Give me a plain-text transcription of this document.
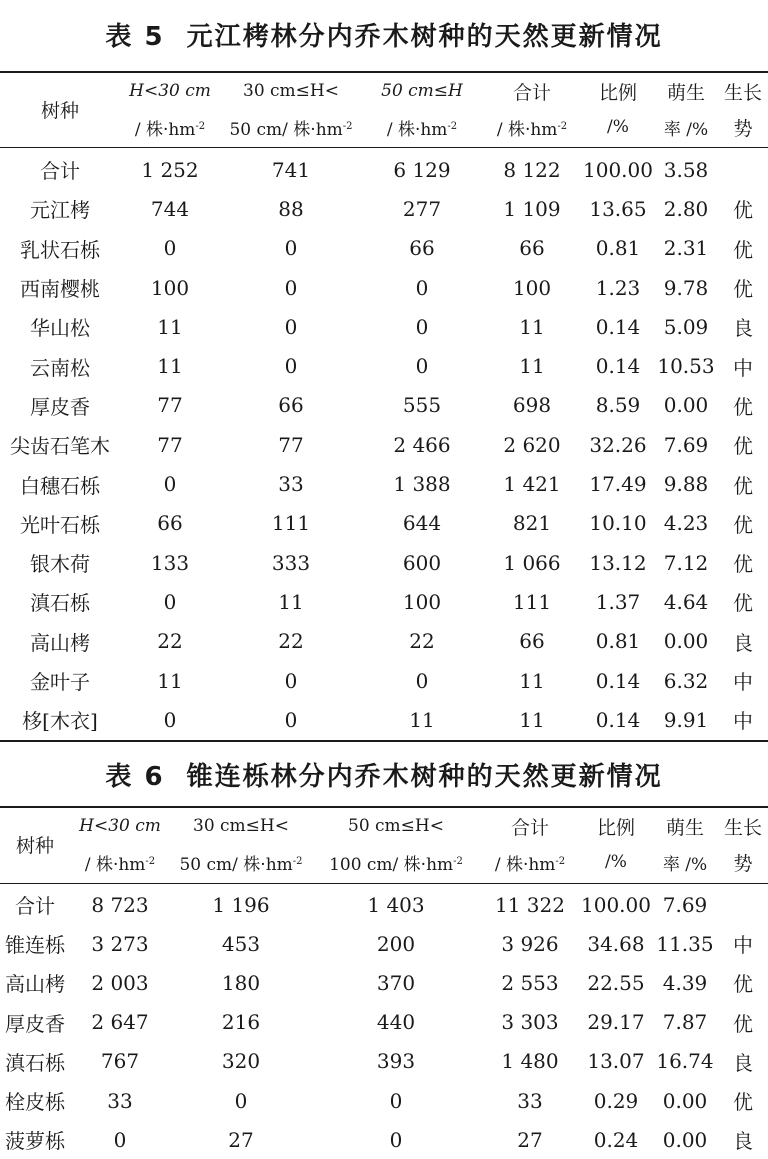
表 5 元江栲林分内乔木树种的天然更新情况
树种	H<30 cm	30 cm≤H<	50 cm≤H	合计	比例	萌生	生长
	/ 株$\cdot hm^{-2}$	50 cm/ 株$\cdot hm^{-2}$	/ 株$\cdot hm^{-2}$	/ 株$\cdot hm^{-2}$	/%	率 /%	势
合计	1 252	741	6 129	8 122	100.00	3.58	
元江栲	744	88	277	1 109	13.65	2.80	优
乳状石栎	0	0	66	66	0.81	2.31	优
西南樱桃	100	0	0	100	1.23	9.78	优
华山松	11	0	0	11	0.14	5.09	良
云南松	11	0	0	11	0.14	10.53	中
厚皮香	77	66	555	698	8.59	0.00	优
尖齿石笔木	77	77	2 466	2 620	32.26	7.69	优
白穗石栎	0	33	1 388	1 421	17.49	9.88	优
光叶石栎	66	111	644	821	10.10	4.23	优
银木荷	133	333	600	1 066	13.12	7.12	优
滇石栎	0	11	100	111	1.37	4.64	优
高山栲	22	22	22	66	0.81	0.00	良
金叶子	11	0	0	11	0.14	6.32	中
栘[木衣]	0	0	11	11	0.14	9.91	中
表 6 锥连栎林分内乔木树种的天然更新情况
树种	H<30 cm	30 cm≤H<	50 cm≤H<	合计	比例	萌生	生长
	/ 株$\cdot hm^{-2}$	50 cm/ 株$\cdot hm^{-2}$	100 cm/ 株$\cdot hm^{-2}$	/ 株$\cdot hm^{-2}$	/%	率 /%	势
合计	8 723	1 196	1 403	11 322	100.00	7.69	
锥连栎	3 273	453	200	3 926	34.68	11.35	中
高山栲	2 003	180	370	2 553	22.55	4.39	优
厚皮香	2 647	216	440	3 303	29.17	7.87	优
滇石栎	767	320	393	1 480	13.07	16.74	良
栓皮栎	33	0	0	33	0.29	0.00	优
菠萝栎	0	27	0	27	0.24	0.00	良
